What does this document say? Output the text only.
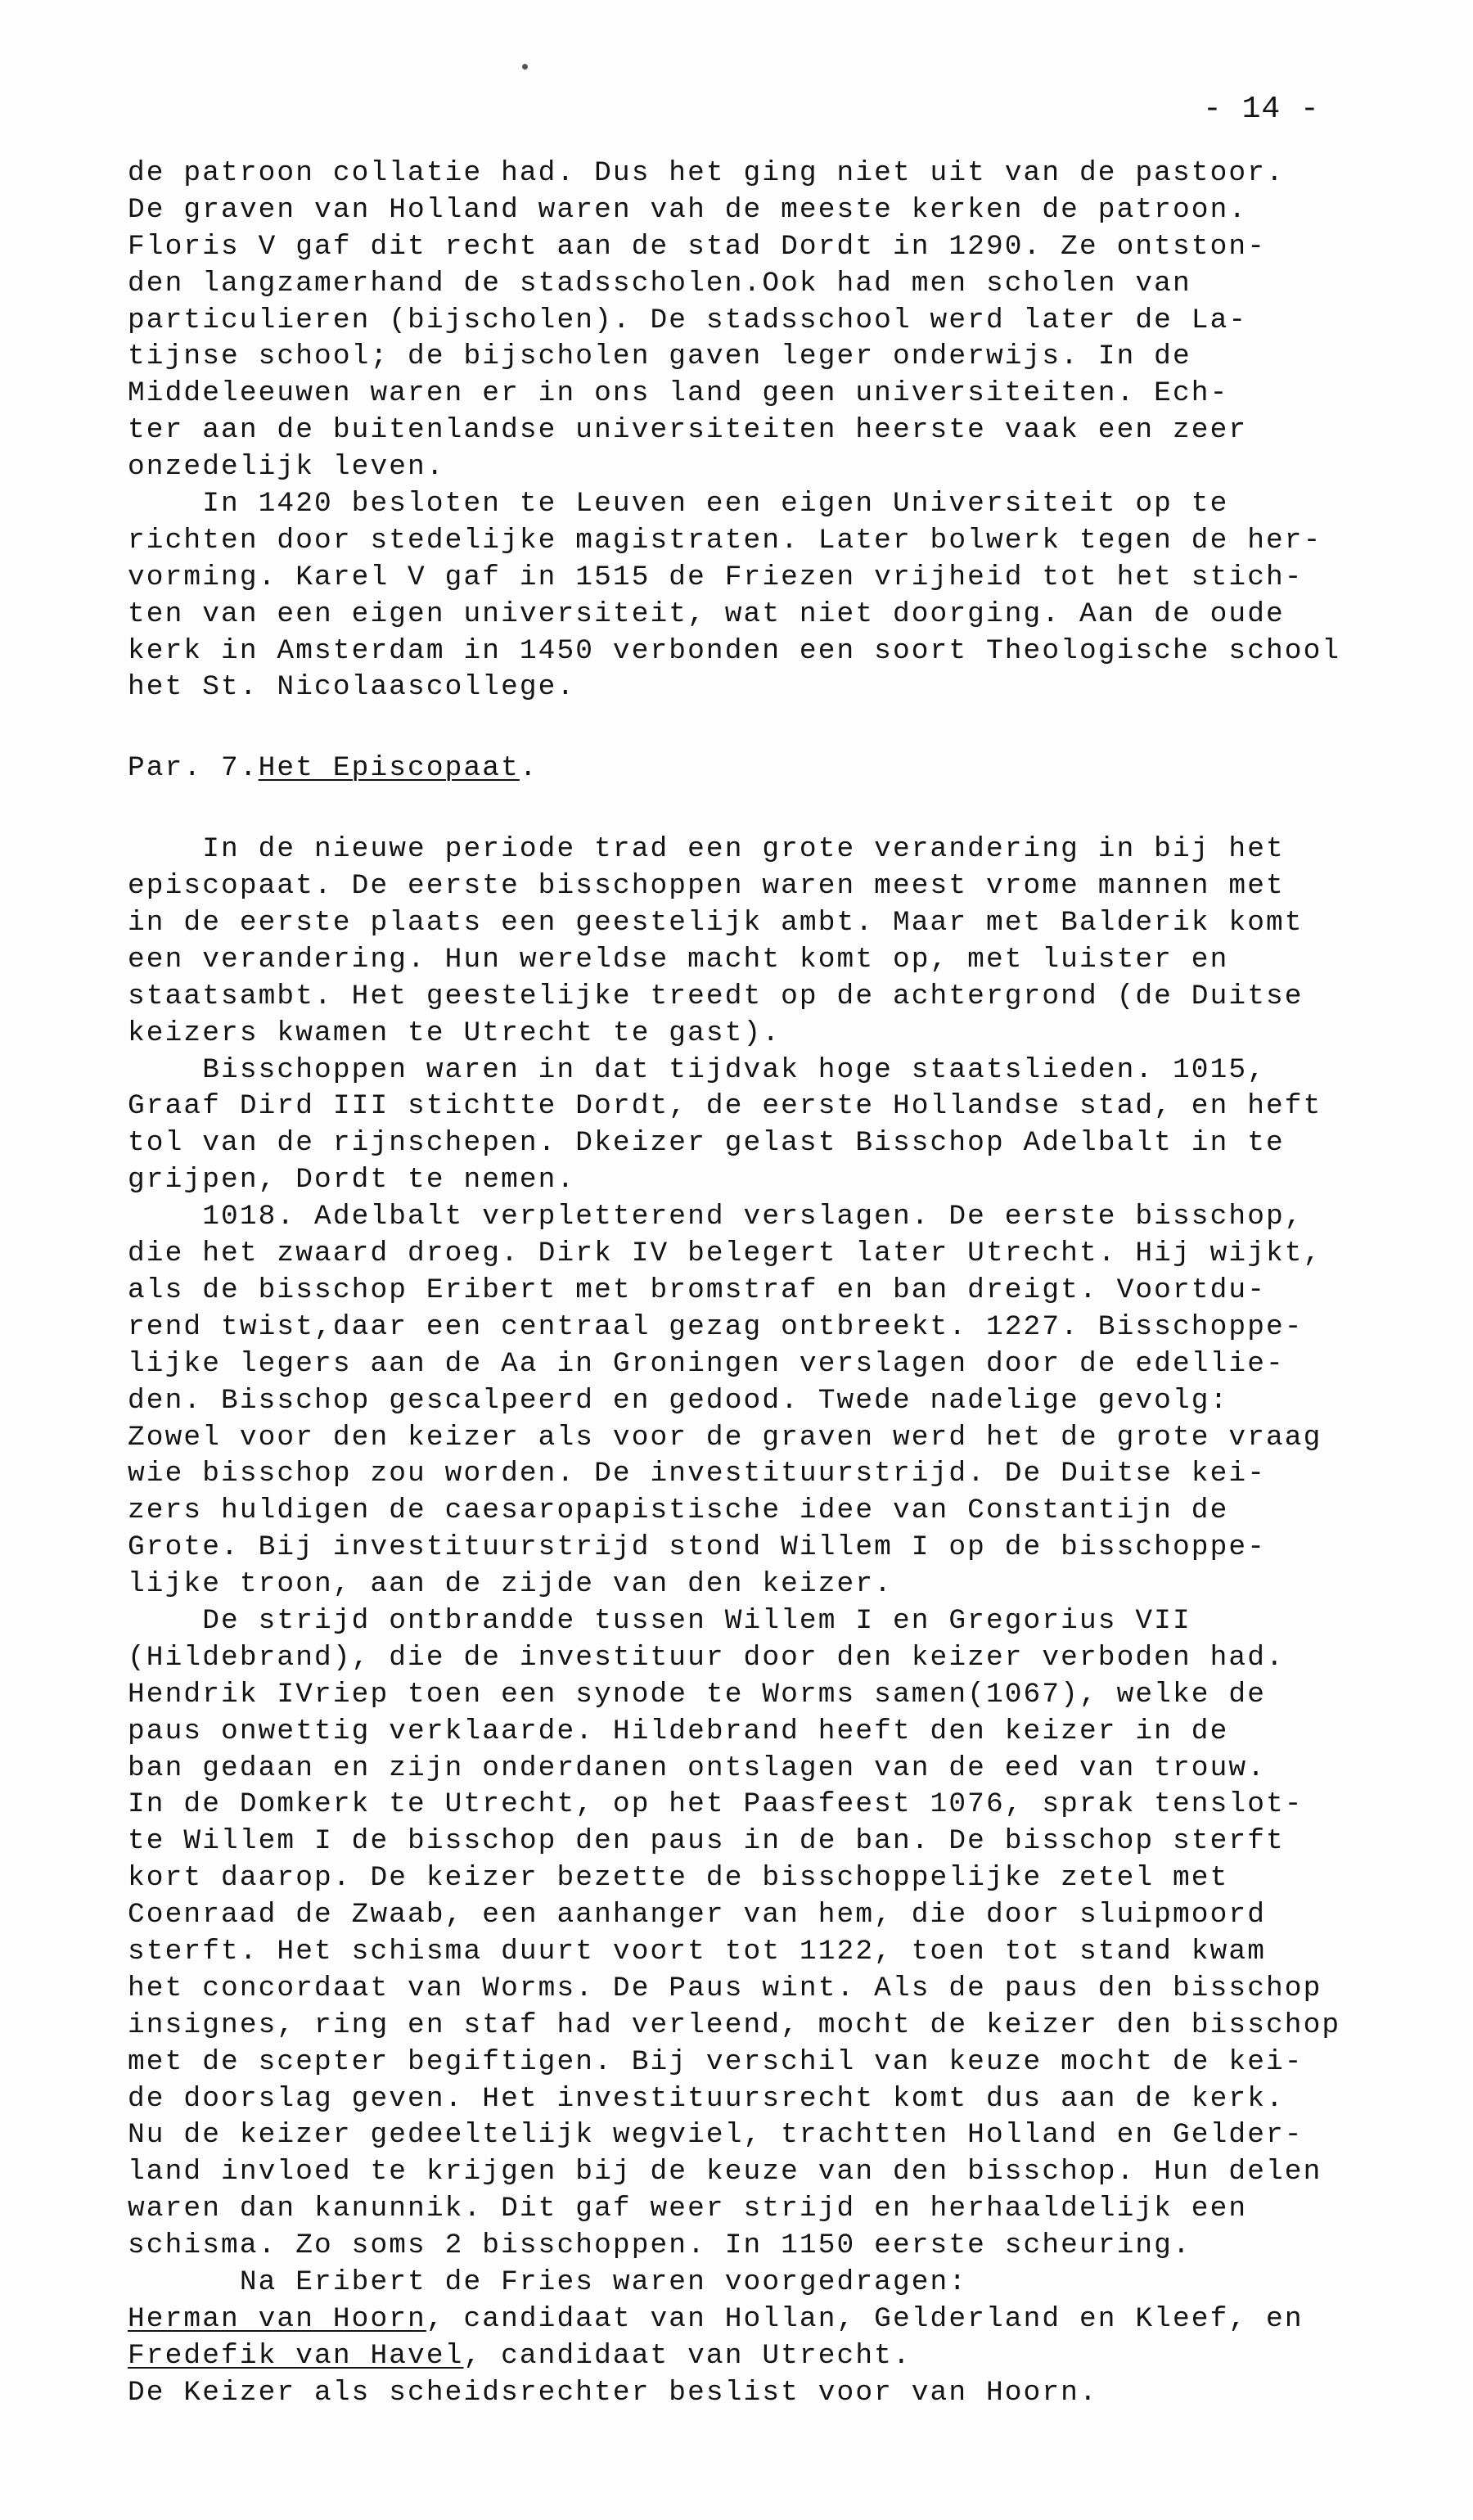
- 14 -
de patroon collatie had. Dus het ging niet uit van de pastoor.
De graven van Holland waren vah de meeste kerken de patroon.
Floris V gaf dit recht aan de stad Dordt in 1290. Ze ontston-
den langzamerhand de stadsscholen.Ook had men scholen van
particulieren (bijscholen). De stadsschool werd later de La-
tijnse school; de bijscholen gaven leger onderwijs. In de
Middeleeuwen waren er in ons land geen universiteiten. Ech-
ter aan de buitenlandse universiteiten heerste vaak een zeer
onzedelijk leven.
In 1420 besloten te Leuven een eigen Universiteit op te
richten door stedelijke magistraten. Later bolwerk tegen de her-
vorming. Karel V gaf in 1515 de Friezen vrijheid tot het stich-
ten van een eigen universiteit, wat niet doorging. Aan de oude
kerk in Amsterdam in 1450 verbonden een soort Theologische school
het St. Nicolaascollege.
Par. 7.Het Episcopaat.
In de nieuwe periode trad een grote verandering in bij het
episcopaat. De eerste bisschoppen waren meest vrome mannen met
in de eerste plaats een geestelijk ambt. Maar met Balderik komt
een verandering. Hun wereldse macht komt op, met luister en
staatsambt. Het geestelijke treedt op de achtergrond (de Duitse
keizers kwamen te Utrecht te gast).
Bisschoppen waren in dat tijdvak hoge staatslieden. 1015,
Graaf Dird III stichtte Dordt, de eerste Hollandse stad, en heft
tol van de rijnschepen. Dkeizer gelast Bisschop Adelbalt in te
grijpen, Dordt te nemen.
1018. Adelbalt verpletterend verslagen. De eerste bisschop,
die het zwaard droeg. Dirk IV belegert later Utrecht. Hij wijkt,
als de bisschop Eribert met bromstraf en ban dreigt. Voortdu-
rend twist,daar een centraal gezag ontbreekt. 1227. Bisschoppe-
lijke legers aan de Aa in Groningen verslagen door de edellie-
den. Bisschop gescalpeerd en gedood. Twede nadelige gevolg:
Zowel voor den keizer als voor de graven werd het de grote vraag
wie bisschop zou worden. De investituurstrijd. De Duitse kei-
zers huldigen de caesaropapistische idee van Constantijn de
Grote. Bij investituurstrijd stond Willem I op de bisschoppe-
lijke troon, aan de zijde van den keizer.
De strijd ontbrandde tussen Willem I en Gregorius VII
(Hildebrand), die de investituur door den keizer verboden had.
Hendrik IVriep toen een synode te Worms samen(1067), welke de
paus onwettig verklaarde. Hildebrand heeft den keizer in de
ban gedaan en zijn onderdanen ontslagen van de eed van trouw.
In de Domkerk te Utrecht, op het Paasfeest 1076, sprak tenslot-
te Willem I de bisschop den paus in de ban. De bisschop sterft
kort daarop. De keizer bezette de bisschoppelijke zetel met
Coenraad de Zwaab, een aanhanger van hem, die door sluipmoord
sterft. Het schisma duurt voort tot 1122, toen tot stand kwam
het concordaat van Worms. De Paus wint. Als de paus den bisschop
insignes, ring en staf had verleend, mocht de keizer den bisschop
met de scepter begiftigen. Bij verschil van keuze mocht de kei-
de doorslag geven. Het investituursrecht komt dus aan de kerk.
Nu de keizer gedeeltelijk wegviel, trachtten Holland en Gelder-
land invloed te krijgen bij de keuze van den bisschop. Hun delen
waren dan kanunnik. Dit gaf weer strijd en herhaaldelijk een
schisma. Zo soms 2 bisschoppen. In 1150 eerste scheuring.
Na Eribert de Fries waren voorgedragen:
Herman van Hoorn, candidaat van Hollan, Gelderland en Kleef, en
Fredefik van Havel, candidaat van Utrecht.
De Keizer als scheidsrechter beslist voor van Hoorn.
